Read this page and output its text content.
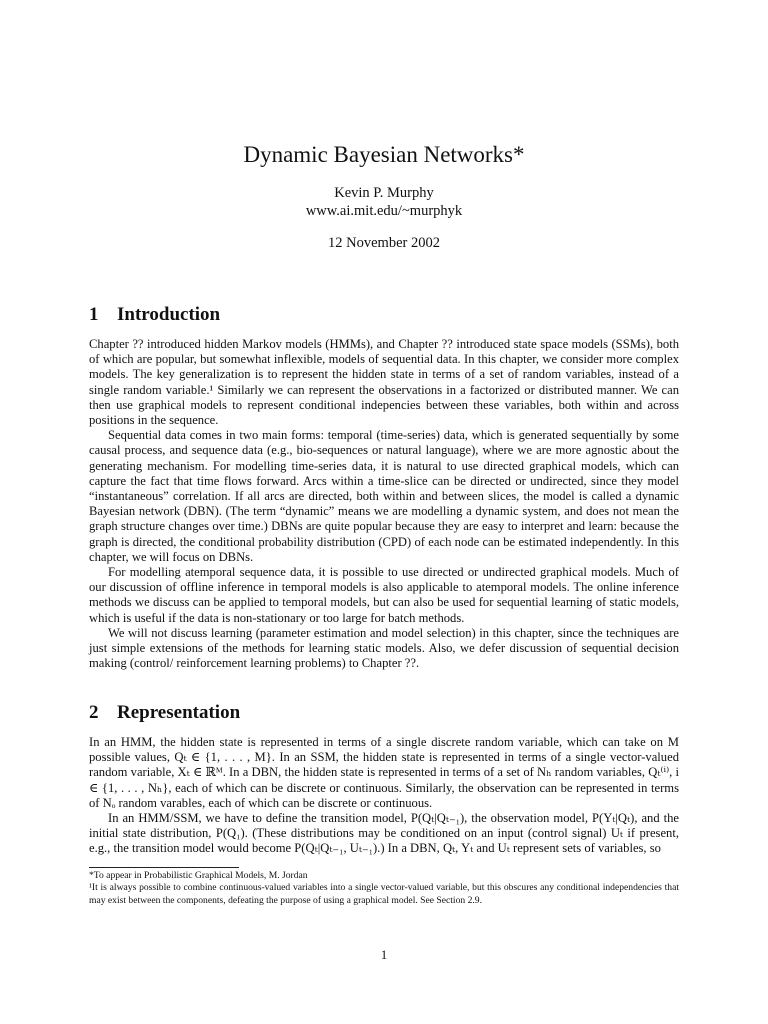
Dynamic Bayesian Networks*
Kevin P. Murphy
www.ai.mit.edu/~murphyk
12 November 2002
1 Introduction

Chapter ?? introduced hidden Markov models (HMMs), and Chapter ?? introduced state space models (SSMs), both of which are popular, but somewhat inflexible, models of sequential data. In this chapter, we consider more complex models. The key generalization is to represent the hidden state in terms of a set of random variables, instead of a single random variable.¹ Similarly we can represent the observations in a factorized or distributed manner. We can then use graphical models to represent conditional indepencies between these variables, both within and across positions in the sequence.

Sequential data comes in two main forms: temporal (time-series) data, which is generated sequentially by some causal process, and sequence data (e.g., bio-sequences or natural language), where we are more agnostic about the generating mechanism. For modelling time-series data, it is natural to use directed graphical models, which can capture the fact that time flows forward. Arcs within a time-slice can be directed or undirected, since they model “instantaneous” correlation. If all arcs are directed, both within and between slices, the model is called a dynamic Bayesian network (DBN). (The term “dynamic” means we are modelling a dynamic system, and does not mean the graph structure changes over time.) DBNs are quite popular because they are easy to interpret and learn: because the graph is directed, the conditional probability distribution (CPD) of each node can be estimated independently. In this chapter, we will focus on DBNs.

For modelling atemporal sequence data, it is possible to use directed or undirected graphical models. Much of our discussion of offline inference in temporal models is also applicable to atemporal models. The online inference methods we discuss can be applied to temporal models, but can also be used for sequential learning of static models, which is useful if the data is non-stationary or too large for batch methods.

We will not discuss learning (parameter estimation and model selection) in this chapter, since the techniques are just simple extensions of the methods for learning static models. Also, we defer discussion of sequential decision making (control/ reinforcement learning problems) to Chapter ??.

2 Representation

In an HMM, the hidden state is represented in terms of a single discrete random variable, which can take on M possible values, Qₜ ∈ {1, . . . , M}. In an SSM, the hidden state is represented in terms of a single vector-valued random variable, Xₜ ∈ ℝᴹ. In a DBN, the hidden state is represented in terms of a set of Nₕ random variables, Qₜ⁽ⁱ⁾, i ∈ {1, . . . , Nₕ}, each of which can be discrete or continuous. Similarly, the observation can be represented in terms of Nₒ random varables, each of which can be discrete or continuous.

In an HMM/SSM, we have to define the transition model, P(Qₜ|Qₜ₋₁), the observation model, P(Yₜ|Qₜ), and the initial state distribution, P(Q₁). (These distributions may be conditioned on an input (control signal) Uₜ if present, e.g., the transition model would become P(Qₜ|Qₜ₋₁, Uₜ₋₁).) In a DBN, Qₜ, Yₜ and Uₜ represent sets of variables, so

*To appear in Probabilistic Graphical Models, M. Jordan

¹It is always possible to combine continuous-valued variables into a single vector-valued variable, but this obscures any conditional independencies that may exist between the components, defeating the purpose of using a graphical model. See Section 2.9.

1
